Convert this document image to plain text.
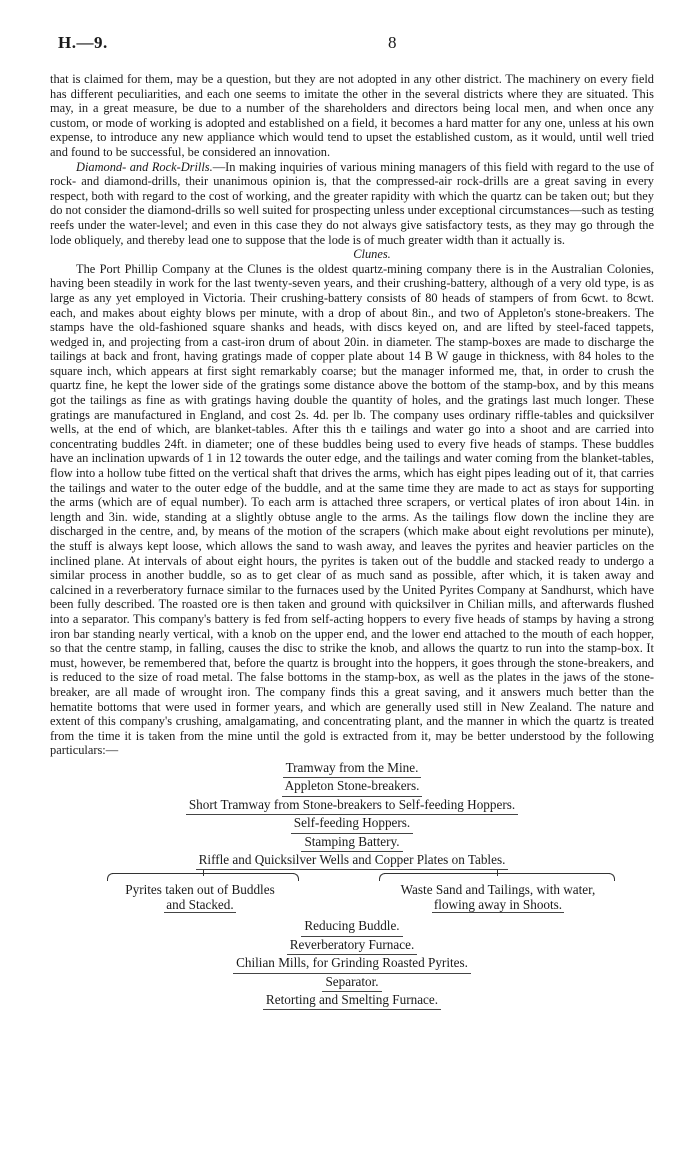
H.—9.	8

that is claimed for them, may be a question, but they are not adopted in any other district. The machinery on every field has different peculiarities, and each one seems to imitate the other in the several districts where they are situated. This may, in a great measure, be due to a number of the shareholders and directors being local men, and when once any custom, or mode of working is adopted and established on a field, it becomes a hard matter for any one, unless at his own expense, to introduce any new appliance which would tend to upset the established custom, as it would, until well tried and found to be successful, be considered an innovation.

Diamond- and Rock-Drills.—In making inquiries of various mining managers of this field with regard to the use of rock- and diamond-drills, their unanimous opinion is, that the compressed-air rock-drills are a great saving in every respect, both with regard to the cost of working, and the greater rapidity with which the quartz can be taken out; but they do not consider the diamond-drills so well suited for prospecting unless under exceptional circumstances—such as testing reefs under the water-level; and even in this case they do not always give satisfactory tests, as they may go through the lode obliquely, and thereby lead one to suppose that the lode is of much greater width than it actually is.

Clunes.

The Port Phillip Company at the Clunes is the oldest quartz-mining company there is in the Australian Colonies, having been steadily in work for the last twenty-seven years, and their crushing-battery, although of a very old type, is as large as any yet employed in Victoria. Their crushing-battery consists of 80 heads of stampers of from 6cwt. to 8cwt. each, and makes about eighty blows per minute, with a drop of about 8in., and two of Appleton's stone-breakers. The stamps have the old-fashioned square shanks and heads, with discs keyed on, and are lifted by steel-faced tappets, wedged in, and projecting from a cast-iron drum of about 20in. in diameter. The stamp-boxes are made to discharge the tailings at back and front, having gratings made of copper plate about 14 B W gauge in thickness, with 84 holes to the square inch, which appears at first sight remarkably coarse; but the manager informed me, that, in order to crush the quartz fine, he kept the lower side of the gratings some distance above the bottom of the stamp-box, and by this means got the tailings as fine as with gratings having double the quantity of holes, and the gratings last much longer. These gratings are manufactured in England, and cost 2s. 4d. per lb. The company uses ordinary riffle-tables and quicksilver wells, at the end of which, are blanket-tables. After this th e tailings and water go into a shoot and are carried into concentrating buddles 24ft. in diameter; one of these buddles being used to every five heads of stamps. These buddles have an inclination upwards of 1 in 12 towards the outer edge, and the tailings and water coming from the blanket-tables, flow into a hollow tube fitted on the vertical shaft that drives the arms, which has eight pipes leading out of it, that carries the tailings and water to the outer edge of the buddle, and at the same time they are made to act as stays for supporting the arms (which are of equal number). To each arm is attached three scrapers, or vertical plates of iron about 14in. in length and 3in. wide, standing at a slightly obtuse angle to the arms. As the tailings flow down the incline they are discharged in the centre, and, by means of the motion of the scrapers (which make about eight revolutions per minute), the stuff is always kept loose, which allows the sand to wash away, and leaves the pyrites and heavier particles on the inclined plane. At intervals of about eight hours, the pyrites is taken out of the buddle and stacked ready to undergo a similar process in another buddle, so as to get clear of as much sand as possible, after which, it is taken away and calcined in a reverberatory furnace similar to the furnaces used by the United Pyrites Company at Sandhurst, which have been fully described. The roasted ore is then taken and ground with quicksilver in Chilian mills, and afterwards flushed into a separator. This company's battery is fed from self-acting hoppers to every five heads of stamps by having a strong iron bar standing nearly vertical, with a knob on the upper end, and the lower end attached to the mouth of each hopper, so that the centre stamp, in falling, causes the disc to strike the knob, and allows the quartz to run into the stamp-box. It must, however, be remembered that, before the quartz is brought into the hoppers, it goes through the stone-breakers, and is reduced to the size of road metal. The false bottoms in the stamp-box, as well as the plates in the jaws of the stone-breaker, are all made of wrought iron. The company finds this a great saving, and it answers much better than the hematite bottoms that were used in former years, and which are generally used still in New Zealand. The nature and extent of this company's crushing, amalgamating, and concentrating plant, and the manner in which the quartz is treated from the time it is taken from the mine until the gold is extracted from it, may be better understood by the following particulars:—

Tramway from the Mine.
Appleton Stone-breakers.
Short Tramway from Stone-breakers to Self-feeding Hoppers.
Self-feeding Hoppers.
Stamping Battery.
Riffle and Quicksilver Wells and Copper Plates on Tables.
Pyrites taken out of Buddles
and Stacked.
Waste Sand and Tailings, with water,
flowing away in Shoots.
Reducing Buddle.
Reverberatory Furnace.
Chilian Mills, for Grinding Roasted Pyrites.
Separator.
Retorting and Smelting Furnace.
